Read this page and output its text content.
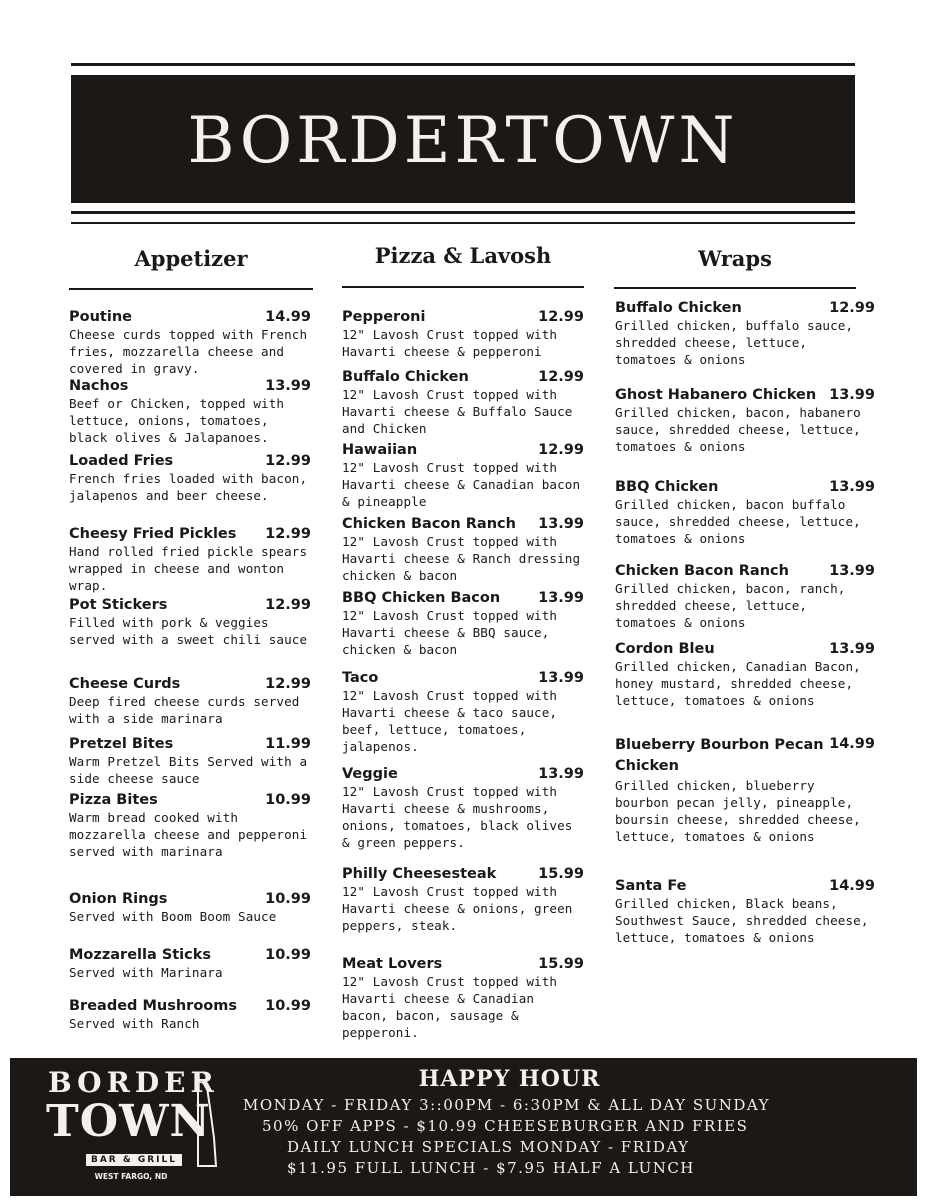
BORDERTOWN
Appetizer
Poutine	14.99
Cheese curds topped with French fries, mozzarella cheese and covered in gravy.
Nachos	13.99
Beef or Chicken, topped with lettuce, onions, tomatoes, black olives & Jalapanoes.
Loaded Fries	12.99
French fries loaded with bacon, jalapenos and beer cheese.
Cheesy Fried Pickles 12.99
Hand rolled fried pickle spears wrapped in cheese and wonton wrap.
Pot Stickers	12.99
Filled with pork & veggies served with a sweet chili sauce
Cheese Curds	12.99
Deep fired cheese curds served with a side marinara
Pretzel Bites	11.99
Warm Pretzel Bits Served with a side cheese sauce
Pizza Bites	10.99
Warm bread cooked with mozzarella cheese and pepperoni served with marinara
Onion Rings	10.99
Served with Boom Boom Sauce
Mozzarella Sticks	10.99
Served with Marinara
Breaded Mushrooms 10.99
Served with Ranch
Pizza & Lavosh
Pepperoni	12.99
12" Lavosh Crust topped with Havarti cheese & pepperoni
Buffalo Chicken	12.99
12" Lavosh Crust topped with Havarti cheese & Buffalo Sauce and Chicken
Hawaiian	12.99
12" Lavosh Crust topped with Havarti cheese & Canadian bacon & pineapple
Chicken Bacon Ranch 13.99
12" Lavosh Crust topped with Havarti cheese & Ranch dressing chicken & bacon
BBQ Chicken Bacon	13.99
12" Lavosh Crust topped with Havarti cheese & BBQ sauce, chicken & bacon
Taco	13.99
12" Lavosh Crust topped with Havarti cheese & taco sauce, beef, lettuce, tomatoes, jalapenos.
Veggie	13.99
12" Lavosh Crust topped with Havarti cheese & mushrooms, onions, tomatoes, black olives & green peppers.
Philly Cheesesteak	15.99
12" Lavosh Crust topped with Havarti cheese & onions, green peppers, steak.
Meat Lovers	15.99
12" Lavosh Crust topped with Havarti cheese & Canadian bacon, bacon, sausage & pepperoni.
Wraps
Buffalo Chicken	12.99
Grilled chicken, buffalo sauce, shredded cheese, lettuce, tomatoes & onions
Ghost Habanero Chicken 13.99
Grilled chicken, bacon, habanero sauce, shredded cheese, lettuce, tomatoes & onions
BBQ Chicken	13.99
Grilled chicken, bacon buffalo sauce, shredded cheese, lettuce, tomatoes & onions
Chicken Bacon Ranch	13.99
Grilled chicken, bacon, ranch, shredded cheese, lettuce, tomatoes & onions
Cordon Bleu	13.99
Grilled chicken, Canadian Bacon, honey mustard, shredded cheese, lettuce, tomatoes & onions
Blueberry Bourbon Pecan Chicken
14.99
Grilled chicken, blueberry bourbon pecan jelly, pineapple, boursin cheese, shredded cheese, lettuce, tomatoes & onions
Santa Fe	14.99
Grilled chicken, Black beans, Southwest Sauce, shredded cheese, lettuce, tomatoes & onions
BORDER
TOWN
BAR & GRILL
WEST FARGO, ND
HAPPY HOUR
MONDAY - FRIDAY 3::00PM - 6:30PM & ALL DAY SUNDAY
50% OFF APPS - $10.99 CHEESEBURGER AND FRIES
DAILY LUNCH SPECIALS MONDAY - FRIDAY
$11.95 FULL LUNCH - $7.95 HALF A LUNCH
